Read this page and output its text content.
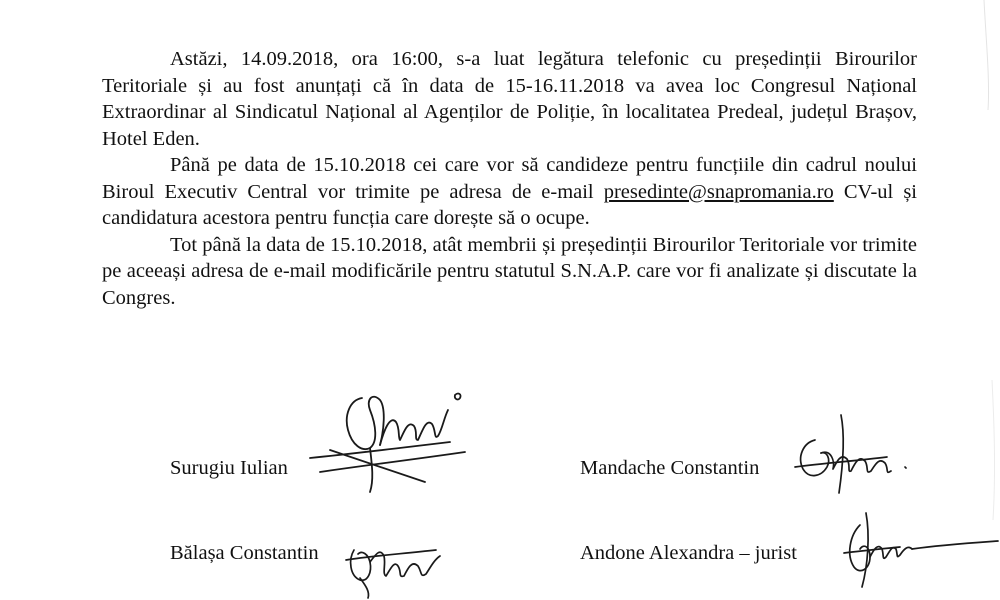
Astăzi, 14.09.2018, ora 16:00, s-a luat legătura telefonic cu președinții Birourilor Teritoriale și au fost anunțați că în data de 15-16.11.2018 va avea loc Congresul Național Extraordinar al Sindicatul Național al Agenților de Poliție, în localitatea Predeal, județul Brașov, Hotel Eden.

Până pe data de 15.10.2018 cei care vor să candideze pentru funcțiile din cadrul noului Biroul Executiv Central vor trimite pe adresa de e-mail presedinte@snapromania.ro CV-ul și candidatura acestora pentru funcția care dorește să o ocupe.

Tot până la data de 15.10.2018, atât membrii și președinții Birourilor Teritoriale vor trimite pe aceeași adresa de e-mail modificările pentru statutul S.N.A.P. care vor fi analizate și discutate la Congres.

Surugiu Iulian	Mandache Constantin
Bălașa Constantin	Andone Alexandra – jurist
